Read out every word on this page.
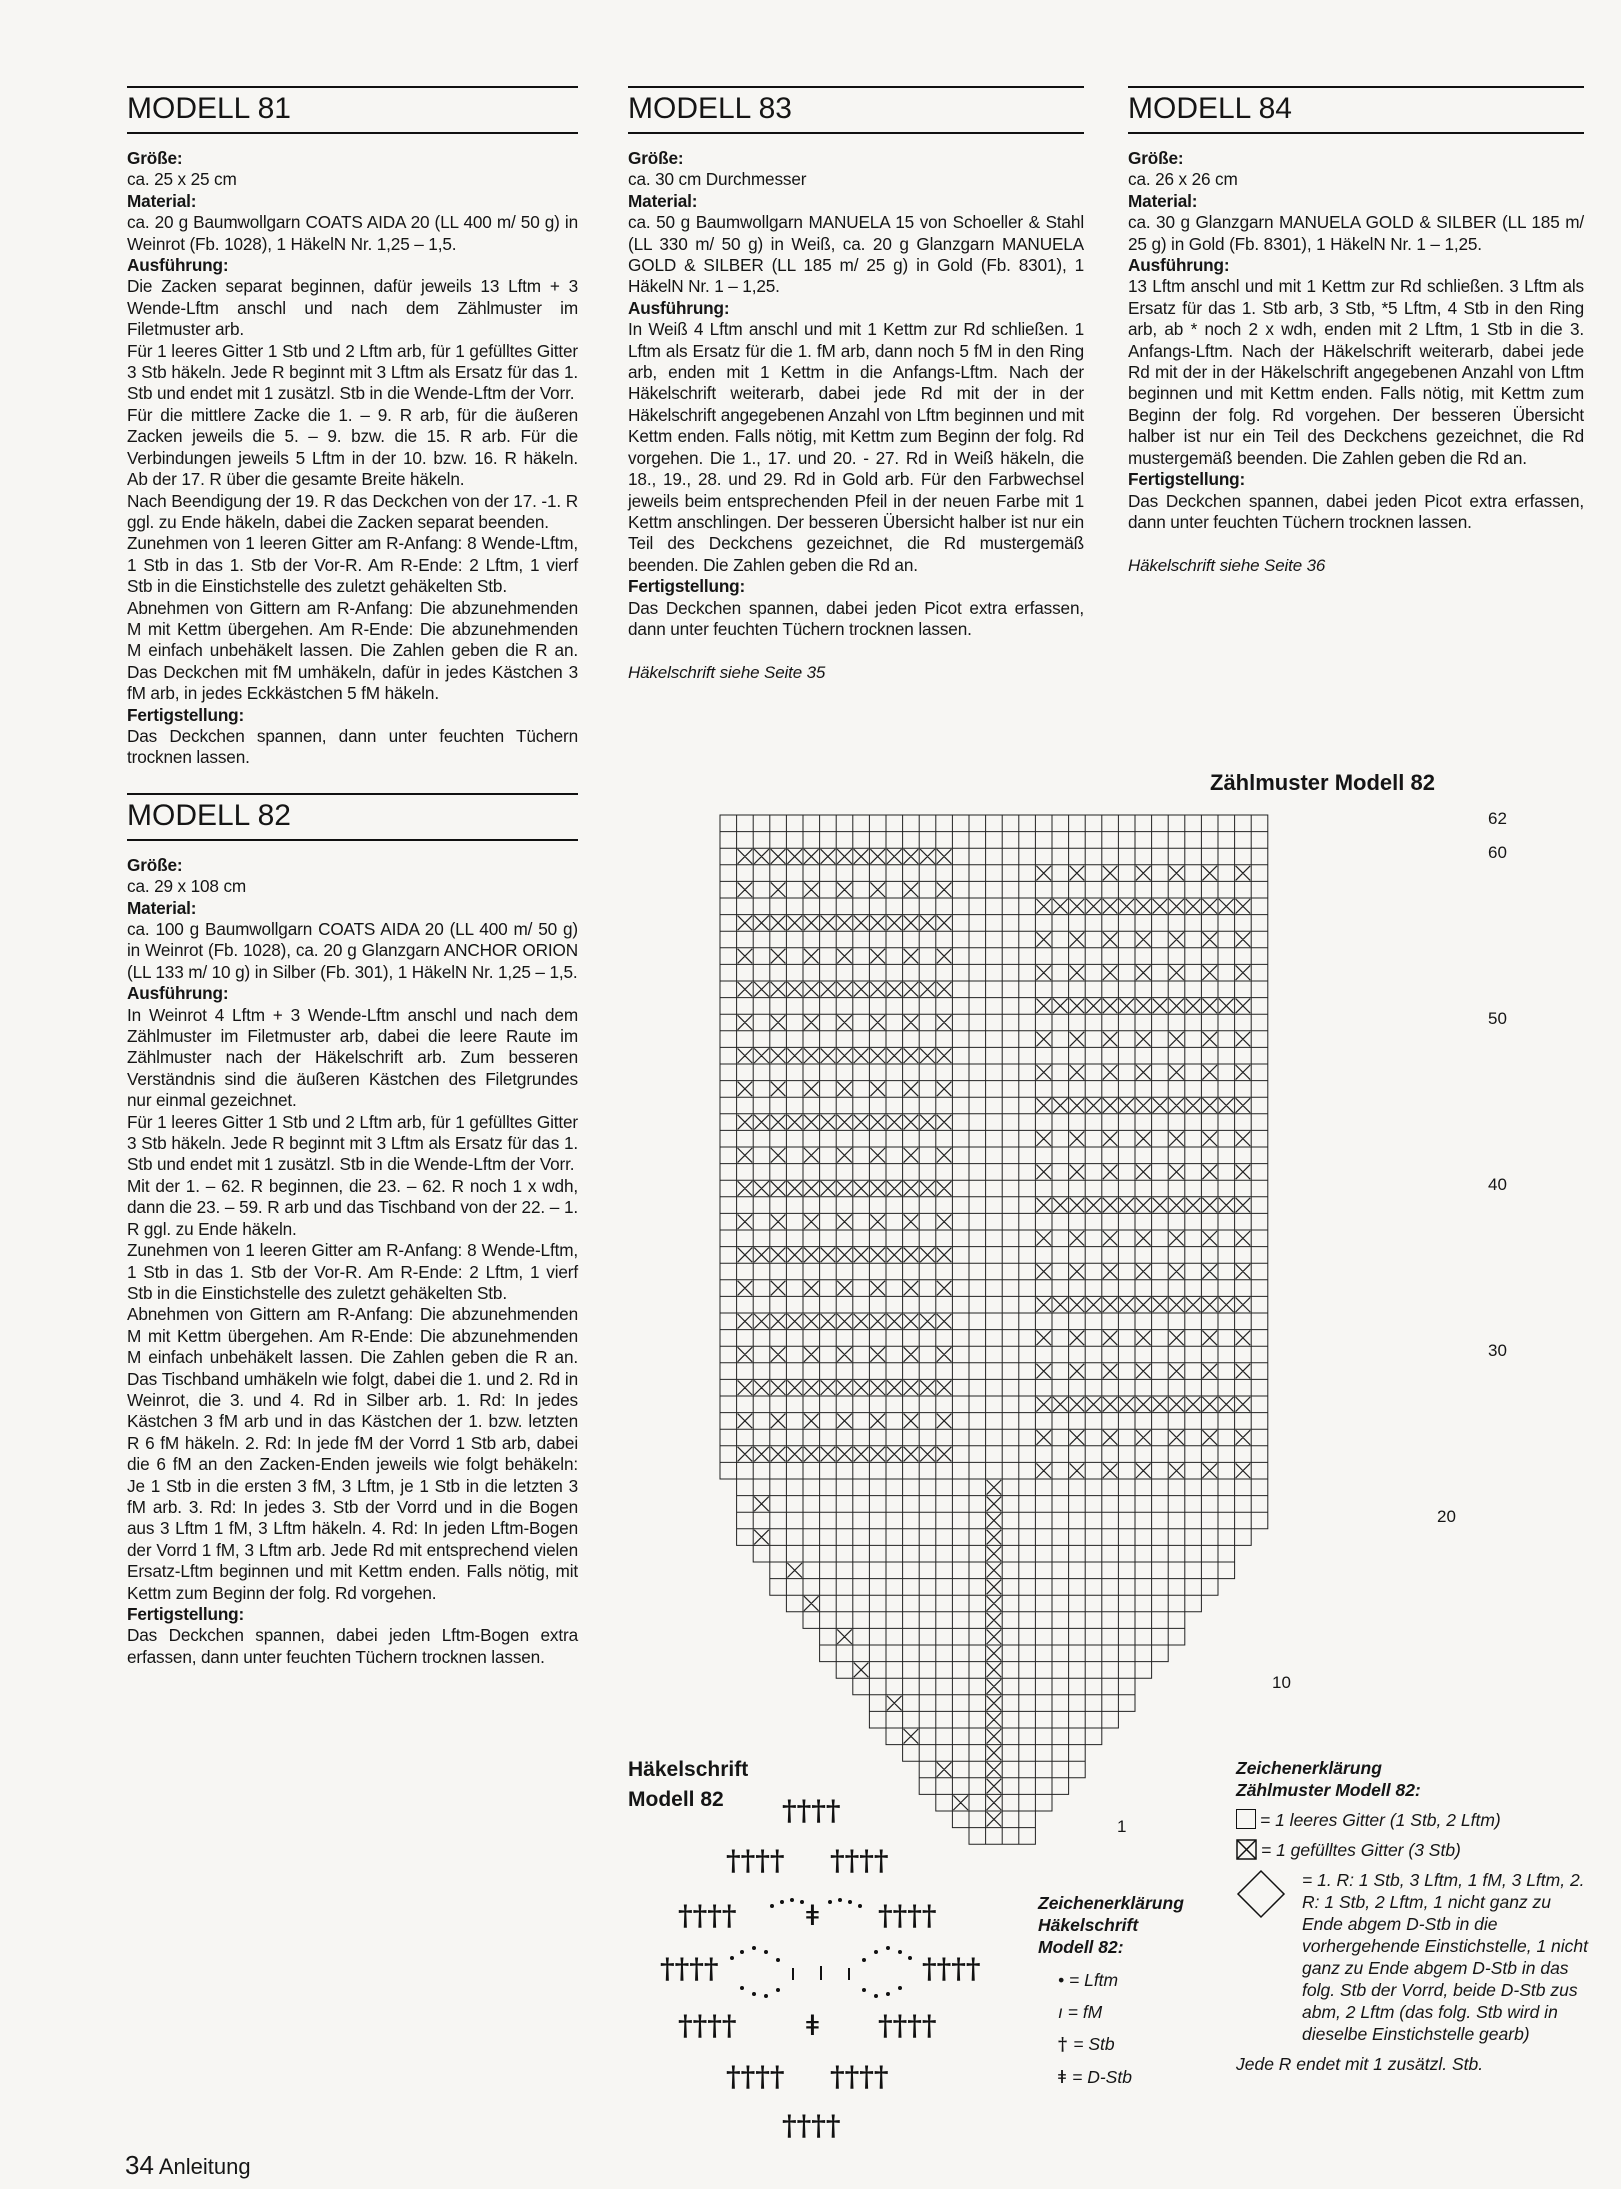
MODELL 81

Größe:

ca. 25 x 25 cm

Material:

ca. 20 g Baumwollgarn COATS AIDA 20 (LL 400 m/ 50 g) in Weinrot (Fb. 1028), 1 HäkelN Nr. 1,25 – 1,5.

Ausführung:

Die Zacken separat beginnen, dafür jeweils 13 Lftm + 3 Wende-Lftm anschl und nach dem Zählmuster im Filetmuster arb.

Für 1 leeres Gitter 1 Stb und 2 Lftm arb, für 1 gefülltes Gitter 3 Stb häkeln. Jede R beginnt mit 3 Lftm als Ersatz für das 1. Stb und endet mit 1 zusätzl. Stb in die Wende-Lftm der Vorr.

Für die mittlere Zacke die 1. – 9. R arb, für die äußeren Zacken jeweils die 5. – 9. bzw. die 15. R arb. Für die Verbindungen jeweils 5 Lftm in der 10. bzw. 16. R häkeln. Ab der 17. R über die gesamte Breite häkeln.

Nach Beendigung der 19. R das Deckchen von der 17. -1. R ggl. zu Ende häkeln, dabei die Zacken separat beenden.

Zunehmen von 1 leeren Gitter am R-Anfang: 8 Wende-Lftm, 1 Stb in das 1. Stb der Vor-R. Am R-Ende: 2 Lftm, 1 vierf Stb in die Einstichstelle des zuletzt gehäkelten Stb.

Abnehmen von Gittern am R-Anfang: Die abzunehmenden M mit Kettm übergehen. Am R-Ende: Die abzunehmenden M einfach unbehäkelt lassen. Die Zahlen geben die R an. Das Deckchen mit fM umhäkeln, dafür in jedes Kästchen 3 fM arb, in jedes Eckkästchen 5 fM häkeln.

Fertigstellung:

Das Deckchen spannen, dann unter feuchten Tüchern trocknen lassen.

MODELL 82

Größe:

ca. 29 x 108 cm

Material:

ca. 100 g Baumwollgarn COATS AIDA 20 (LL 400 m/ 50 g) in Weinrot (Fb. 1028), ca. 20 g Glanzgarn ANCHOR ORION (LL 133 m/ 10 g) in Silber (Fb. 301), 1 HäkelN Nr. 1,25 – 1,5.

Ausführung:

In Weinrot 4 Lftm + 3 Wende-Lftm anschl und nach dem Zählmuster im Filetmuster arb, dabei die leere Raute im Zählmuster nach der Häkelschrift arb. Zum besseren Verständnis sind die äußeren Kästchen des Filetgrundes nur einmal gezeichnet.

Für 1 leeres Gitter 1 Stb und 2 Lftm arb, für 1 gefülltes Gitter 3 Stb häkeln. Jede R beginnt mit 3 Lftm als Ersatz für das 1. Stb und endet mit 1 zusätzl. Stb in die Wende-Lftm der Vorr.

Mit der 1. – 62. R beginnen, die 23. – 62. R noch 1 x wdh, dann die 23. – 59. R arb und das Tischband von der 22. – 1. R ggl. zu Ende häkeln.

Zunehmen von 1 leeren Gitter am R-Anfang: 8 Wende-Lftm, 1 Stb in das 1. Stb der Vor-R. Am R-Ende: 2 Lftm, 1 vierf Stb in die Einstichstelle des zuletzt gehäkelten Stb.

Abnehmen von Gittern am R-Anfang: Die abzunehmenden M mit Kettm übergehen. Am R-Ende: Die abzunehmenden M einfach unbehäkelt lassen. Die Zahlen geben die R an. Das Tischband umhäkeln wie folgt, dabei die 1. und 2. Rd in Weinrot, die 3. und 4. Rd in Silber arb. 1. Rd: In jedes Kästchen 3 fM arb und in das Kästchen der 1. bzw. letzten R 6 fM häkeln. 2. Rd: In jede fM der Vorrd 1 Stb arb, dabei die 6 fM an den Zacken-Enden jeweils wie folgt behäkeln: Je 1 Stb in die ersten 3 fM, 3 Lftm, je 1 Stb in die letzten 3 fM arb. 3. Rd: In jedes 3. Stb der Vorrd und in die Bogen aus 3 Lftm 1 fM, 3 Lftm häkeln. 4. Rd: In jeden Lftm-Bogen der Vorrd 1 fM, 3 Lftm arb. Jede Rd mit entsprechend vielen Ersatz-Lftm beginnen und mit Kettm enden. Falls nötig, mit Kettm zum Beginn der folg. Rd vorgehen.

Fertigstellung:

Das Deckchen spannen, dabei jeden Lftm-Bogen extra erfassen, dann unter feuchten Tüchern trocknen lassen.

MODELL 83

Größe:

ca. 30 cm Durchmesser

Material:

ca. 50 g Baumwollgarn MANUELA 15 von Schoeller & Stahl (LL 330 m/ 50 g) in Weiß, ca. 20 g Glanzgarn MANUELA GOLD & SILBER (LL 185 m/ 25 g) in Gold (Fb. 8301), 1 HäkelN Nr. 1 – 1,25.

Ausführung:

In Weiß 4 Lftm anschl und mit 1 Kettm zur Rd schließen. 1 Lftm als Ersatz für die 1. fM arb, dann noch 5 fM in den Ring arb, enden mit 1 Kettm in die Anfangs-Lftm. Nach der Häkelschrift weiterarb, dabei jede Rd mit der in der Häkelschrift angegebenen Anzahl von Lftm beginnen und mit Kettm enden. Falls nötig, mit Kettm zum Beginn der folg. Rd vorgehen. Die 1., 17. und 20. - 27. Rd in Weiß häkeln, die 18., 19., 28. und 29. Rd in Gold arb. Für den Farbwechsel jeweils beim entsprechenden Pfeil in der neuen Farbe mit 1 Kettm anschlingen. Der besseren Übersicht halber ist nur ein Teil des Deckchens gezeichnet, die Rd mustergemäß beenden. Die Zahlen geben die Rd an.

Fertigstellung:

Das Deckchen spannen, dabei jeden Picot extra erfassen, dann unter feuchten Tüchern trocknen lassen.

Häkelschrift siehe Seite 35

MODELL 84

Größe:

ca. 26 x 26 cm

Material:

ca. 30 g Glanzgarn MANUELA GOLD & SILBER (LL 185 m/ 25 g) in Gold (Fb. 8301), 1 HäkelN Nr. 1 – 1,25.

Ausführung:

13 Lftm anschl und mit 1 Kettm zur Rd schließen. 3 Lftm als Ersatz für das 1. Stb arb, 3 Stb, *5 Lftm, 4 Stb in den Ring arb, ab * noch 2 x wdh, enden mit 2 Lftm, 1 Stb in die 3. Anfangs-Lftm. Nach der Häkelschrift weiterarb, dabei jede Rd mit der in der Häkelschrift angegebenen Anzahl von Lftm beginnen und mit Kettm enden. Falls nötig, mit Kettm zum Beginn der folg. Rd vorgehen. Der besseren Übersicht halber ist nur ein Teil des Deckchens gezeichnet, die Rd mustergemäß beenden. Die Zahlen geben die Rd an.

Fertigstellung:

Das Deckchen spannen, dabei jeden Picot extra erfassen, dann unter feuchten Tüchern trocknen lassen.

Häkelschrift siehe Seite 36

Zählmuster Modell 82
62
60
50
40
30
20
10
1
Häkelschrift
Modell 82	††††
†††† ††††
††††	††††
††††	††††
††††	††††
†††† ††††
††††
ǂ
ǂ
Zeichenerklärung
Häkelschrift
Modell 82:
• = Lftm
ı = fM
† = Stb
ǂ = D-Stb
Zeichenerklärung
Zählmuster Modell 82:
= 1 leeres Gitter (1 Stb, 2 Lftm)
= 1 gefülltes Gitter (3 Stb)
= 1. R: 1 Stb, 3 Lftm, 1 fM, 3 Lftm, 2. R: 1 Stb, 2 Lftm, 1 nicht ganz zu Ende abgem D-Stb in die vorhergehende Einstichstelle, 1 nicht ganz zu Ende abgem D-Stb in das folg. Stb der Vorrd, beide D-Stb zus abm, 2 Lftm (das folg. Stb wird in dieselbe Einstichstelle gearb)
Jede R endet mit 1 zusätzl. Stb.
34 Anleitung
